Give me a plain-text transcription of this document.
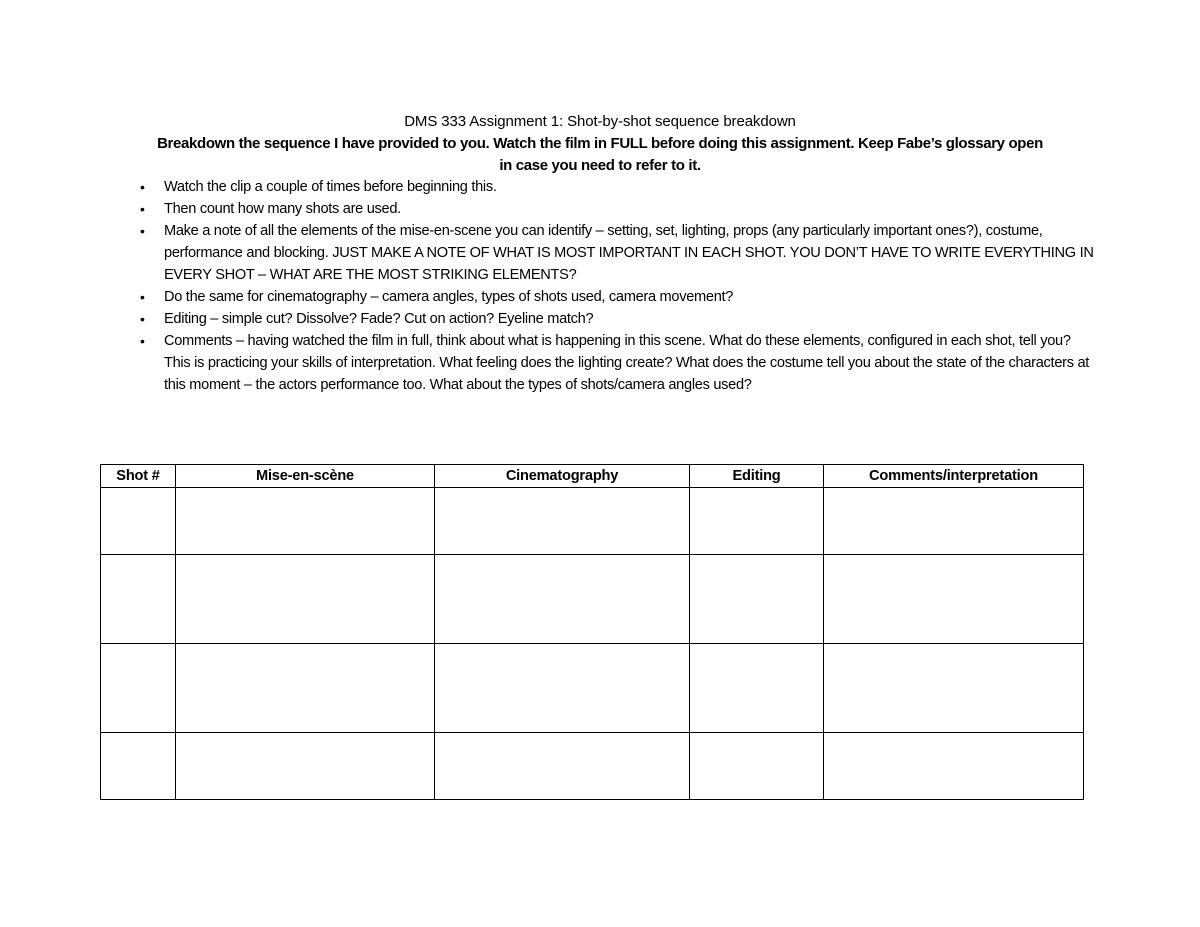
DMS 333 Assignment 1: Shot-by-shot sequence breakdown
Breakdown the sequence I have provided to you. Watch the film in FULL before doing this assignment. Keep Fabe’s glossary open
in case you need to refer to it.
• Watch the clip a couple of times before beginning this.
• Then count how many shots are used.
• Make a note of all the elements of the mise-en-scene you can identify – setting, set, lighting, props (any particularly important ones?), costume, performance and blocking. JUST MAKE A NOTE OF WHAT IS MOST IMPORTANT IN EACH SHOT. YOU DON’T HAVE TO WRITE EVERYTHING IN EVERY SHOT – WHAT ARE THE MOST STRIKING ELEMENTS?
• Do the same for cinematography – camera angles, types of shots used, camera movement?
• Editing – simple cut? Dissolve? Fade? Cut on action? Eyeline match?
• Comments – having watched the film in full, think about what is happening in this scene. What do these elements, configured in each shot, tell you? This is practicing your skills of interpretation. What feeling does the lighting create? What does the costume tell you about the state of the characters at this moment – the actors performance too. What about the types of shots/camera angles used?
Shot #	Mise-en-scène	Cinematography	Editing	Comments/interpretation
